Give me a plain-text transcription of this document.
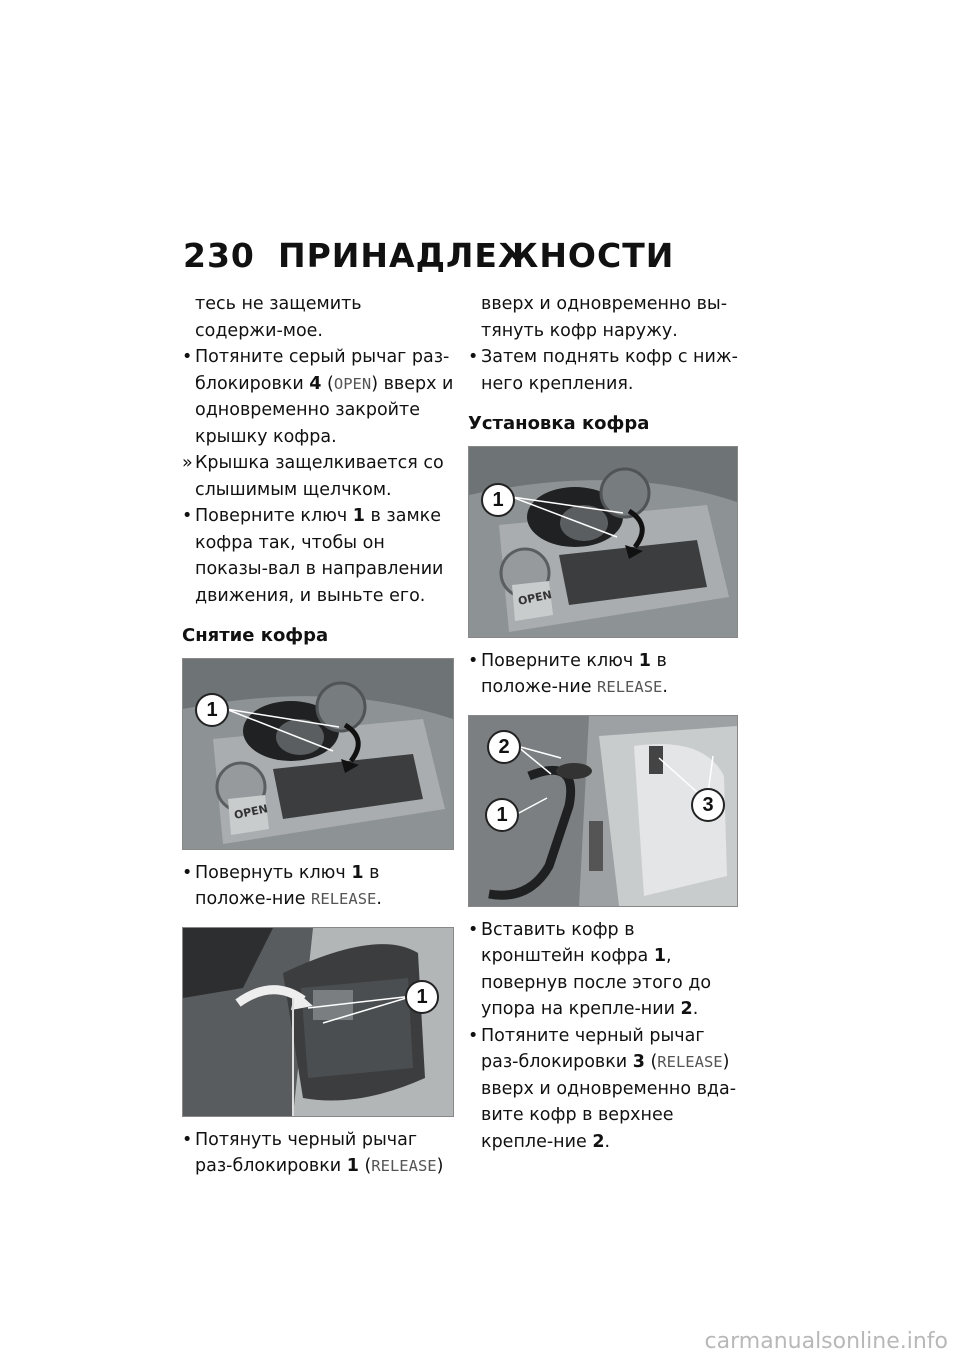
230 ПРИНАДЛЕЖНОСТИ

тесь не защемить содержи-мое.

• Потяните серый рычаг раз-блокировки 4 (OPEN) вверх и одновременно закройте крышку кофра.

» Крышка защелкивается со слышимым щелчком.

• Поверните ключ 1 в замке кофра так, чтобы он показы-вал в направлении движения, и выньте его.

Снятие кофра
OPEN
1

• Повернуть ключ 1 в положе-ние RELEASE.

1

• Потянуть черный рычаг раз-блокировки 1 (RELEASE)

вверх и одновременно вы-тянуть кофр наружу.

• Затем поднять кофр с ниж-него крепления.

Установка кофра
OPEN
1

• Поверните ключ 1 в положе-ние RELEASE.

2
1	3

• Вставить кофр в кронштейн кофра 1, повернув после этого до упора на крепле-нии 2.

• Потяните черный рычаг раз-блокировки 3 (RELEASE) вверх и одновременно вда-вите кофр в верхнее крепле-ние 2.

carmanualsonline.info
